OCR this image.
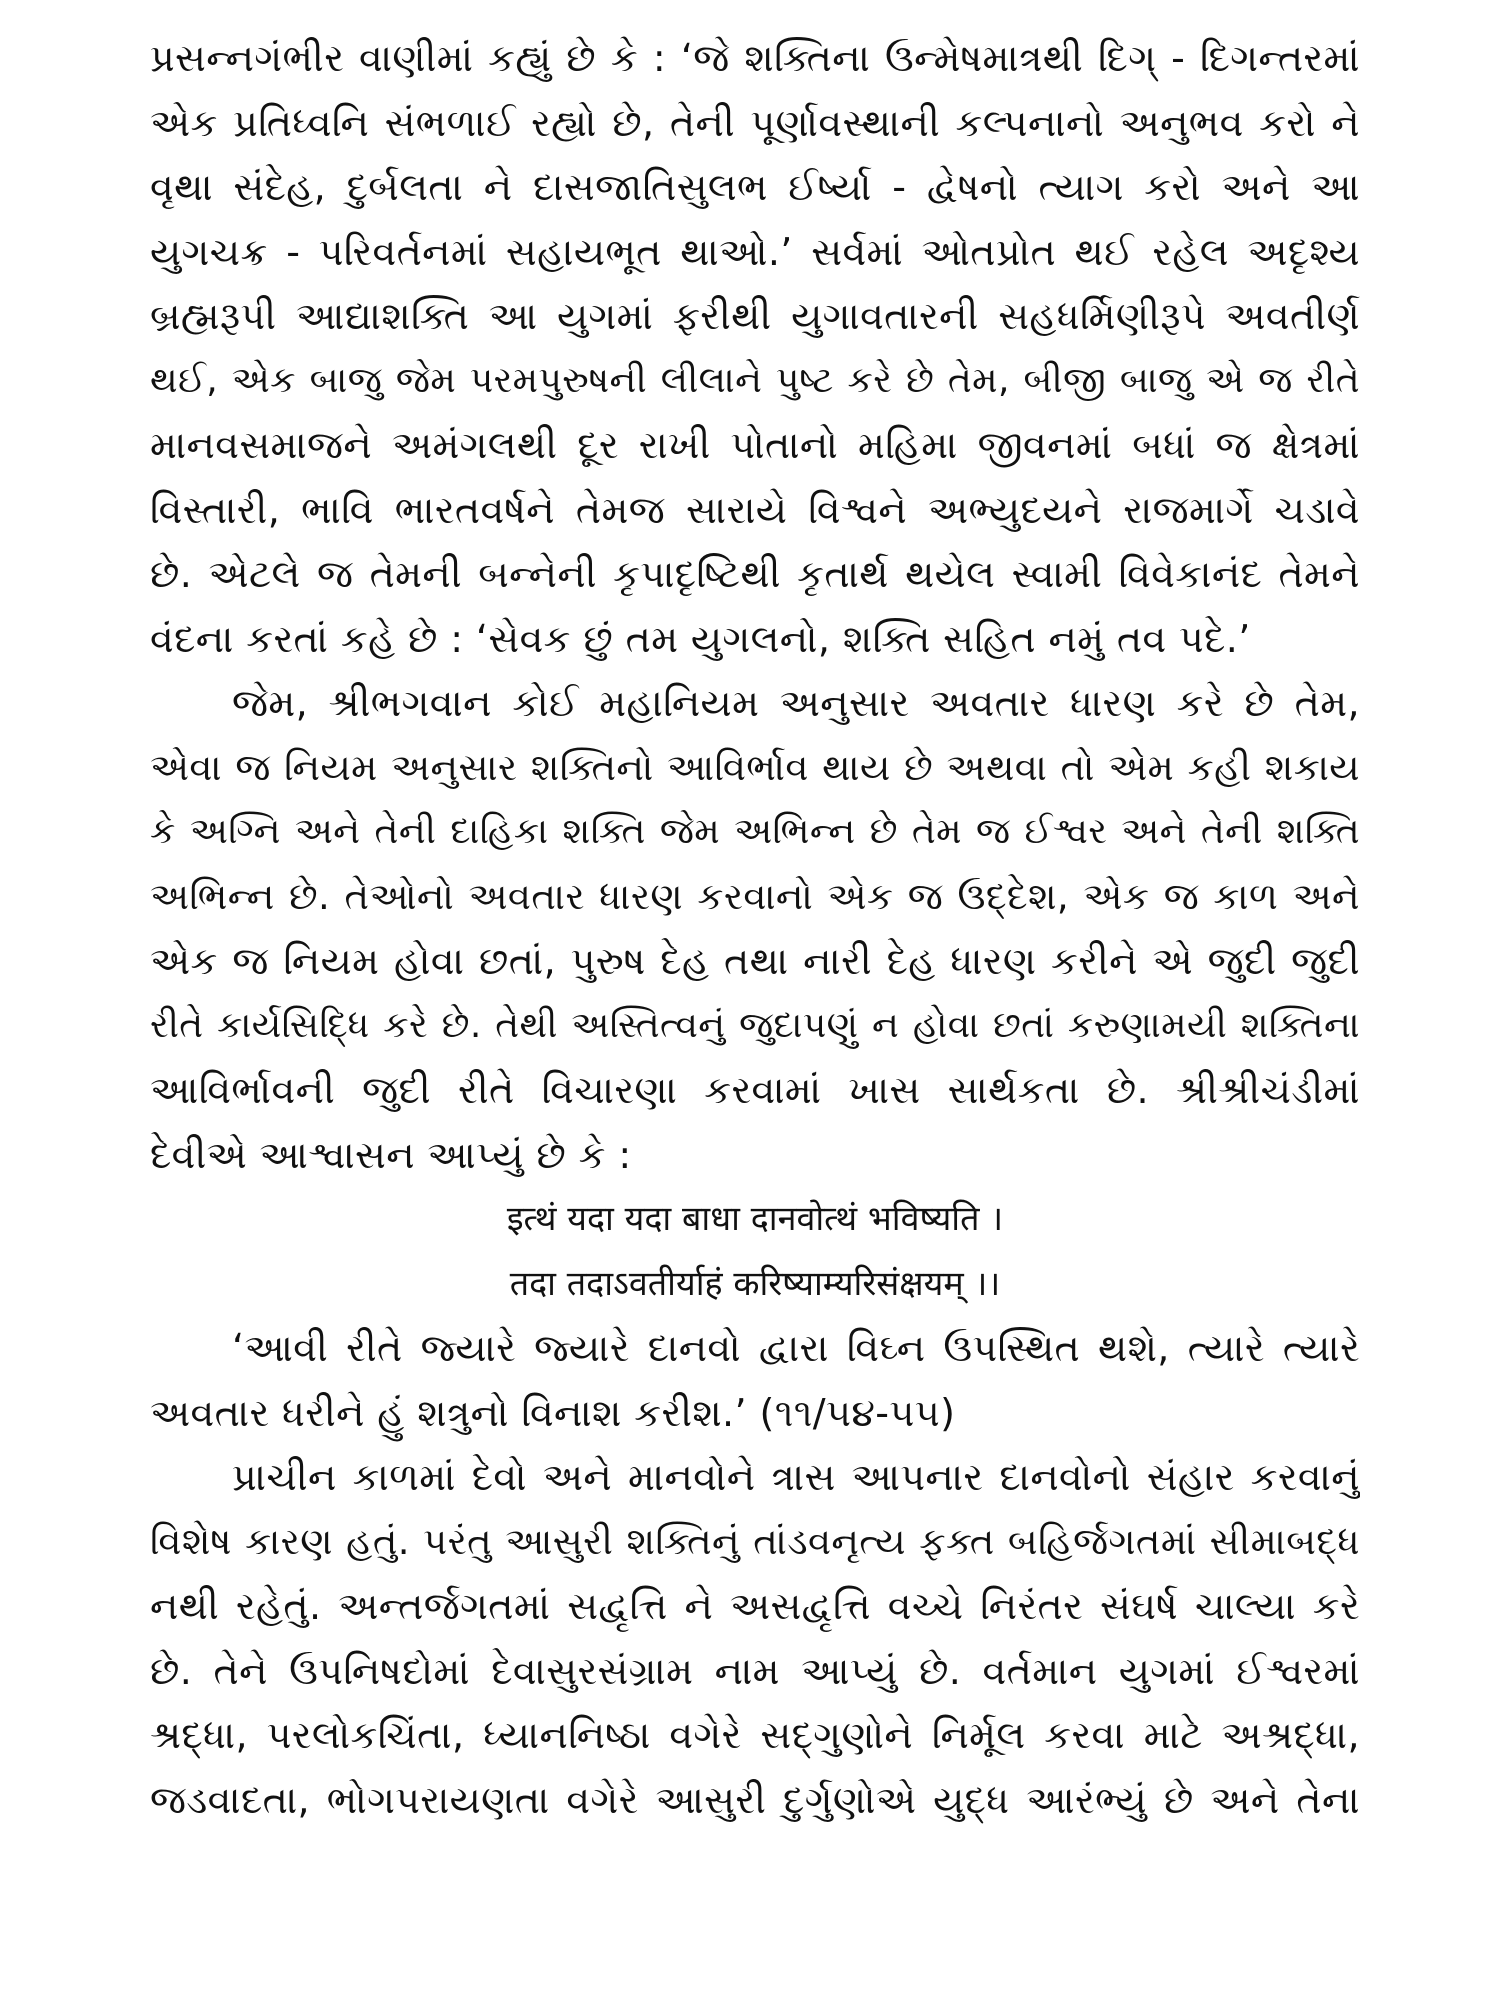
પ્રસન્નગંભીર વાણીમાં કહ્યું છે કે : ‘જે શક્તિના ઉન્મેષમાત્રથી દિગ્ - દિગન્તરમાં
એક પ્રતિધ્વનિ સંભળાઈ રહ્યો છે, તેની પૂર્ણાવસ્થાની કલ્પનાનો અનુભવ કરો ને
વૃથા સંદેહ, દુર્બલતા ને દાસજાતિસુલભ ઈર્ષ્યા - દ્વેષનો ત્યાગ કરો અને આ
યુગચક્ર - પરિવર્તનમાં સહાયભૂત થાઓ.’ સર્વમાં ઓતપ્રોત થઈ રહેલ અદૃશ્ય
બ્રહ્મરૂપી આદ્યાશક્તિ આ યુગમાં ફરીથી યુગાવતારની સહધર્મિણીરૂપે અવતીર્ણ
થઈ, એક બાજુ જેમ પરમપુરુષની લીલાને પુષ્ટ કરે છે તેમ, બીજી બાજુ એ જ રીતે
માનવસમાજને અમંગલથી દૂર રાખી પોતાનો મહિમા જીવનમાં બધાં જ ક્ષેત્રમાં
વિસ્તારી, ભાવિ ભારતવર્ષને તેમજ સારાયે વિશ્વને અભ્યુદયને રાજમાર્ગે ચડાવે
છે. એટલે જ તેમની બન્નેની કૃપાદૃષ્ટિથી કૃતાર્થ થયેલ સ્વામી વિવેકાનંદ તેમને
વંદના કરતાં કહે છે : ‘સેવક છું તમ યુગલનો, શક્તિ સહિત નમું તવ પદે.’
જેમ, શ્રીભગવાન કોઈ મહાનિયમ અનુસાર અવતાર ધારણ કરે છે તેમ,
એવા જ નિયમ અનુસાર શક્તિનો આવિર્ભાવ થાય છે અથવા તો એમ કહી શકાય
કે અગ્નિ અને તેની દાહિકા શક્તિ જેમ અભિન્ન છે તેમ જ ઈશ્વર અને તેની શક્તિ
અભિન્ન છે. તેઓનો અવતાર ધારણ કરવાનો એક જ ઉદ્દેશ, એક જ કાળ અને
એક જ નિયમ હોવા છતાં, પુરુષ દેહ તથા નારી દેહ ધારણ કરીને એ જુદી જુદી
રીતે કાર્યસિદ્ધિ કરે છે. તેથી અસ્તિત્વનું જુદાપણું ન હોવા છતાં કરુણામયી શક્તિના
આવિર્ભાવની જુદી રીતે વિચારણા કરવામાં ખાસ સાર્થકતા છે. શ્રીશ્રીચંડીમાં
દેવીએ આશ્વાસન આપ્યું છે કે :
इत्थं यदा यदा बाधा दानवोत्थं भविष्यति ।
तदा तदाऽवतीर्याहं करिष्याम्यरिसंक्षयम् ।।
‘આવી રીતે જ્યારે જ્યારે દાનવો દ્વારા વિઘ્ન ઉપસ્થિત થશે, ત્યારે ત્યારે
અવતાર ધરીને હું શત્રુનો વિનાશ કરીશ.’ (૧૧/૫૪-૫૫)
પ્રાચીન કાળમાં દેવો અને માનવોને ત્રાસ આપનાર દાનવોનો સંહાર કરવાનું
વિશેષ કારણ હતું. પરંતુ આસુરી શક્તિનું તાંડવનૃત્ય ફક્ત બહિર્જગતમાં સીમાબદ્ધ
નથી રહેતું. અન્તર્જગતમાં સદ્વૃત્તિ ને અસદ્વૃત્તિ વચ્ચે નિરંતર સંઘર્ષ ચાલ્યા કરે
છે. તેને ઉપનિષદોમાં દેવાસુરસંગ્રામ નામ આપ્યું છે. વર્તમાન યુગમાં ઈશ્વરમાં
શ્રદ્ધા, પરલોકચિંતા, ધ્યાનનિષ્ઠા વગેરે સદ્ગુણોને નિર્મૂલ કરવા માટે અશ્રદ્ધા,
જડવાદતા, ભોગપરાયણતા વગેરે આસુરી દુર્ગુણોએ યુદ્ધ આરંભ્યું છે અને તેના
